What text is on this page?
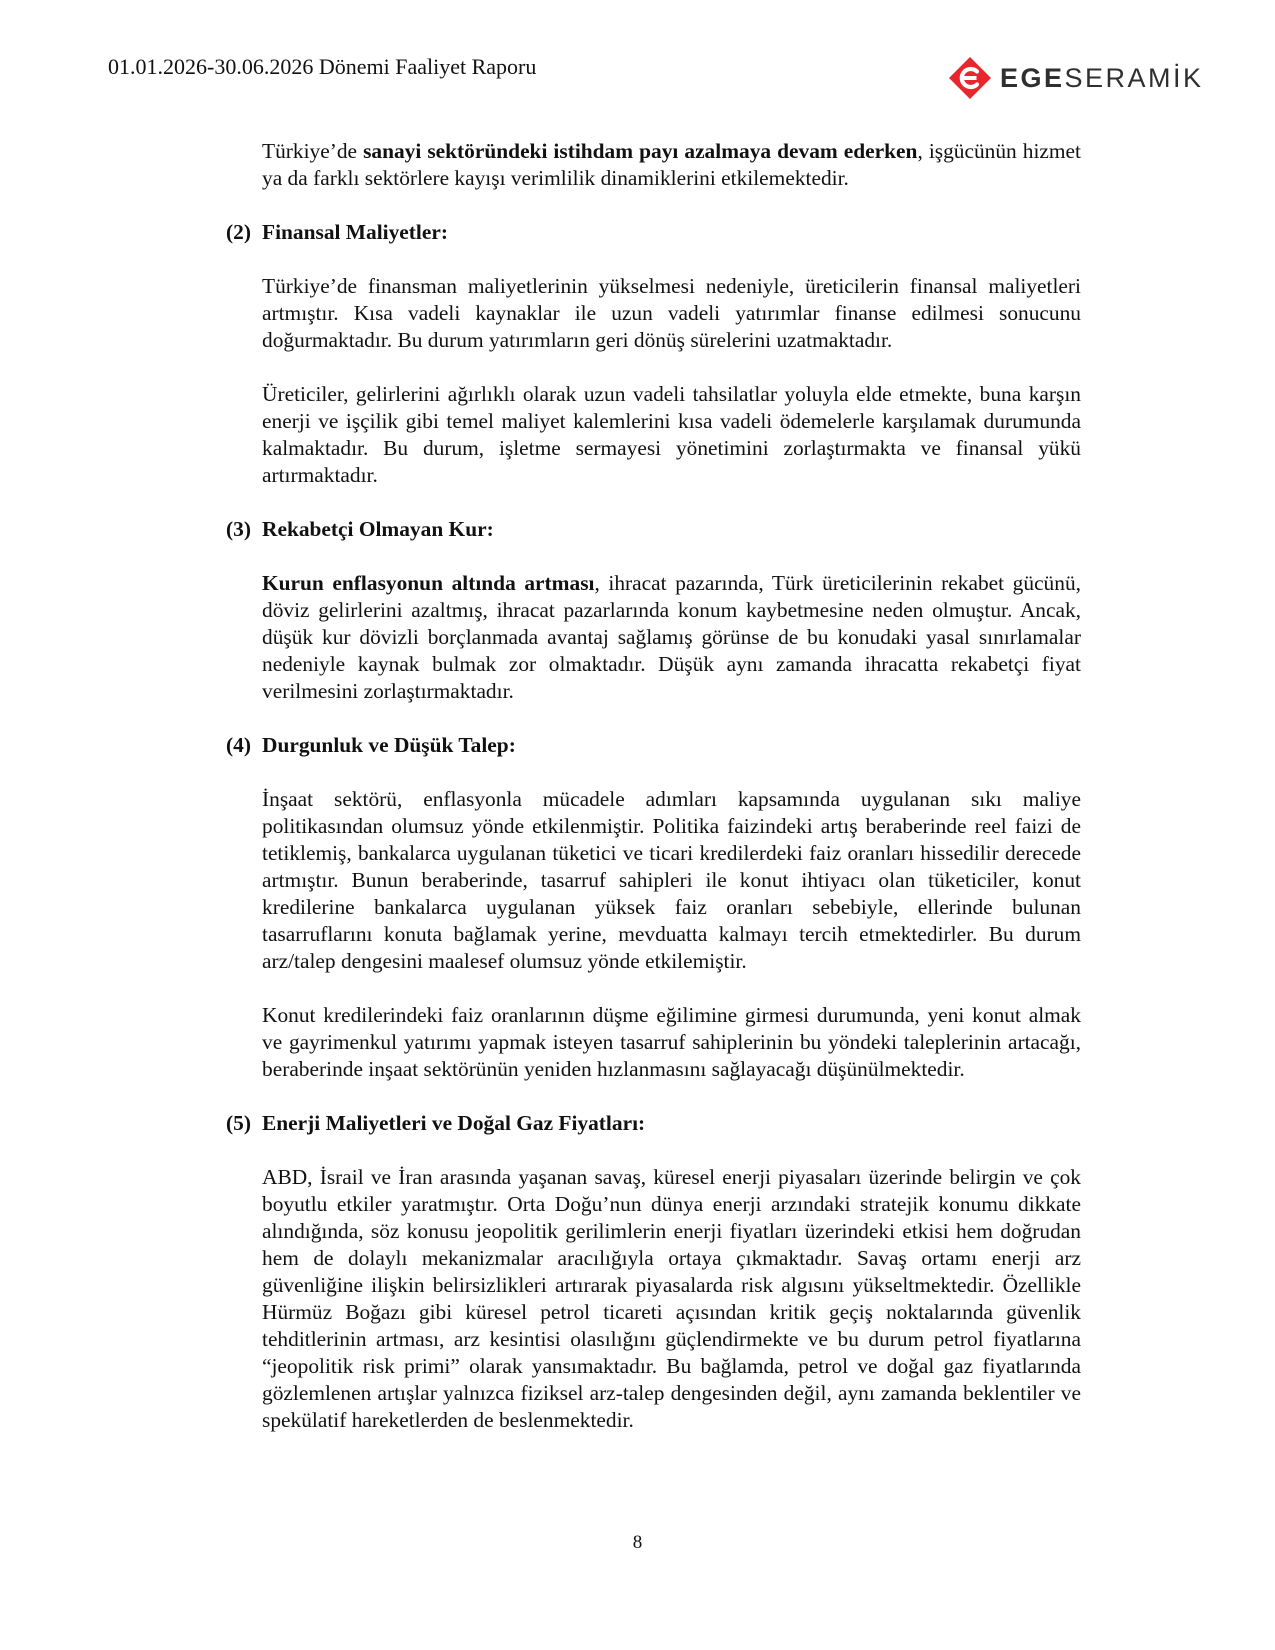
01.01.2026-30.06.2026 Dönemi Faaliyet Raporu	EGESERAMİK

Türkiye’de sanayi sektöründeki istihdam payı azalmaya devam ederken, işgücünün hizmet ya da farklı sektörlere kayışı verimlilik dinamiklerini etkilemektedir.

(2) Finansal Maliyetler:

Türkiye’de finansman maliyetlerinin yükselmesi nedeniyle, üreticilerin finansal maliyetleri artmıştır. Kısa vadeli kaynaklar ile uzun vadeli yatırımlar finanse edilmesi sonucunu doğurmaktadır. Bu durum yatırımların geri dönüş sürelerini uzatmaktadır.

Üreticiler, gelirlerini ağırlıklı olarak uzun vadeli tahsilatlar yoluyla elde etmekte, buna karşın enerji ve işçilik gibi temel maliyet kalemlerini kısa vadeli ödemelerle karşılamak durumunda kalmaktadır. Bu durum, işletme sermayesi yönetimini zorlaştırmakta ve finansal yükü artırmaktadır.

(3) Rekabetçi Olmayan Kur:

Kurun enflasyonun altında artması, ihracat pazarında, Türk üreticilerinin rekabet gücünü, döviz gelirlerini azaltmış, ihracat pazarlarında konum kaybetmesine neden olmuştur. Ancak, düşük kur dövizli borçlanmada avantaj sağlamış görünse de bu konudaki yasal sınırlamalar nedeniyle kaynak bulmak zor olmaktadır. Düşük aynı zamanda ihracatta rekabetçi fiyat verilmesini zorlaştırmaktadır.

(4) Durgunluk ve Düşük Talep:

İnşaat sektörü, enflasyonla mücadele adımları kapsamında uygulanan sıkı maliye politikasından olumsuz yönde etkilenmiştir. Politika faizindeki artış beraberinde reel faizi de tetiklemiş, bankalarca uygulanan tüketici ve ticari kredilerdeki faiz oranları hissedilir derecede artmıştır. Bunun beraberinde, tasarruf sahipleri ile konut ihtiyacı olan tüketiciler, konut kredilerine bankalarca uygulanan yüksek faiz oranları sebebiyle, ellerinde bulunan tasarruflarını konuta bağlamak yerine, mevduatta kalmayı tercih etmektedirler. Bu durum arz/talep dengesini maalesef olumsuz yönde etkilemiştir.

Konut kredilerindeki faiz oranlarının düşme eğilimine girmesi durumunda, yeni konut almak ve gayrimenkul yatırımı yapmak isteyen tasarruf sahiplerinin bu yöndeki taleplerinin artacağı, beraberinde inşaat sektörünün yeniden hızlanmasını sağlayacağı düşünülmektedir.

(5) Enerji Maliyetleri ve Doğal Gaz Fiyatları:

ABD, İsrail ve İran arasında yaşanan savaş, küresel enerji piyasaları üzerinde belirgin ve çok boyutlu etkiler yaratmıştır. Orta Doğu’nun dünya enerji arzındaki stratejik konumu dikkate alındığında, söz konusu jeopolitik gerilimlerin enerji fiyatları üzerindeki etkisi hem doğrudan hem de dolaylı mekanizmalar aracılığıyla ortaya çıkmaktadır. Savaş ortamı enerji arz güvenliğine ilişkin belirsizlikleri artırarak piyasalarda risk algısını yükseltmektedir. Özellikle Hürmüz Boğazı gibi küresel petrol ticareti açısından kritik geçiş noktalarında güvenlik tehditlerinin artması, arz kesintisi olasılığını güçlendirmekte ve bu durum petrol fiyatlarına “jeopolitik risk primi” olarak yansımaktadır. Bu bağlamda, petrol ve doğal gaz fiyatlarında gözlemlenen artışlar yalnızca fiziksel arz-talep dengesinden değil, aynı zamanda beklentiler ve spekülatif hareketlerden de beslenmektedir.

8
